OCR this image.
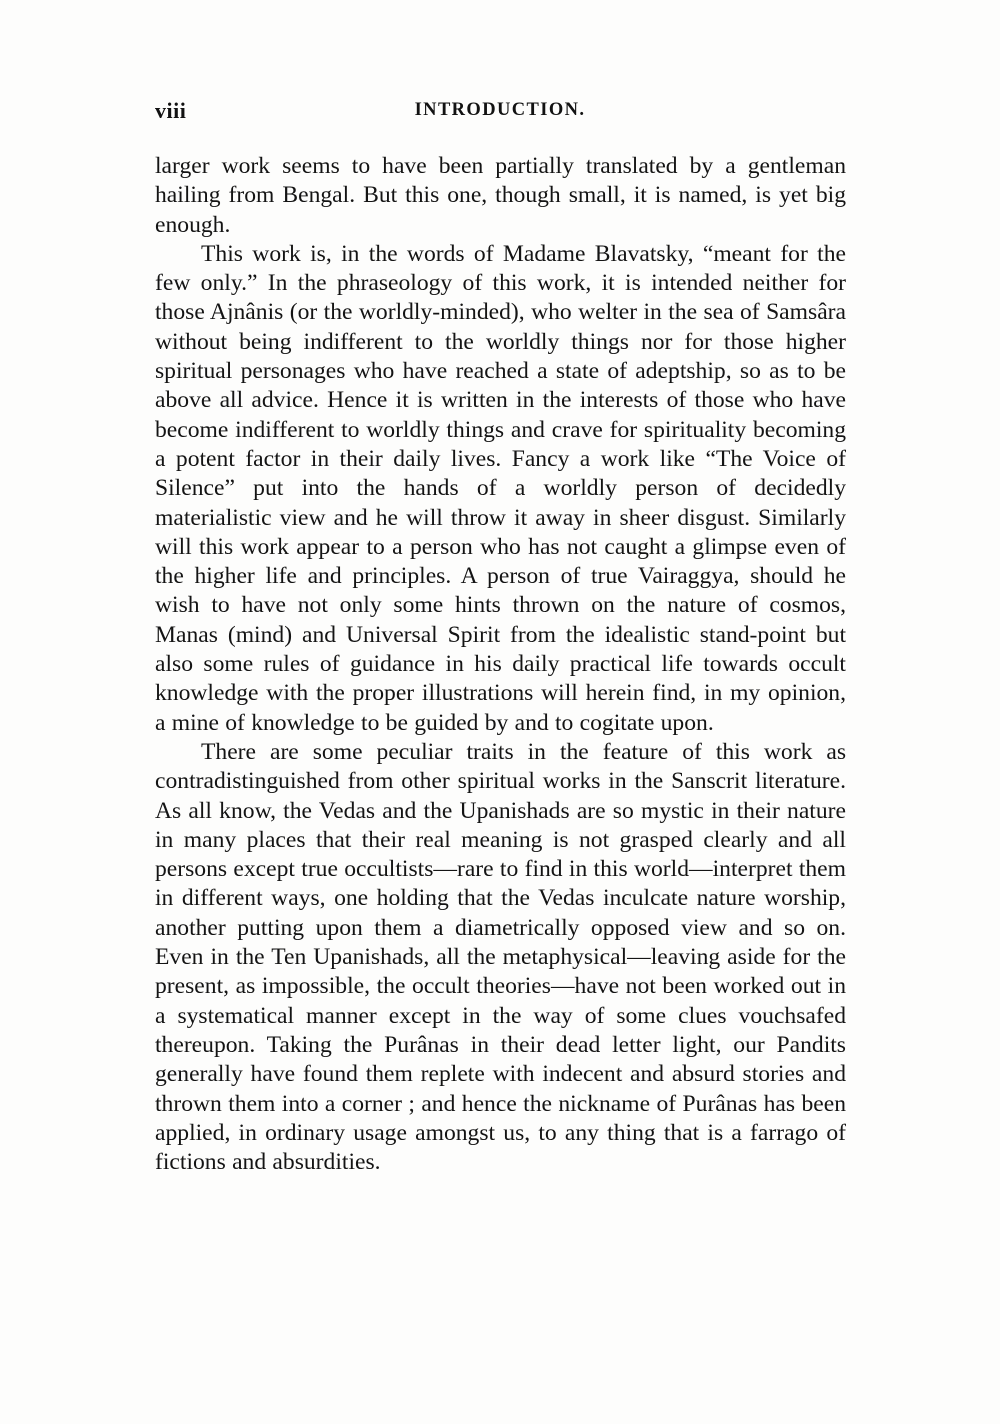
viii	INTRODUCTION.

larger work seems to have been partially translated by a gentleman hailing from Bengal. But this one, though small, it is named, is yet big enough.

This work is, in the words of Madame Blavatsky, “meant for the few only.” In the phraseology of this work, it is intended neither for those Ajnânis (or the worldly-minded), who welter in the sea of Samsâra without being indifferent to the worldly things nor for those higher spiritual personages who have reached a state of adeptship, so as to be above all advice. Hence it is written in the interests of those who have become indifferent to worldly things and crave for spirituality becoming a potent factor in their daily lives. Fancy a work like “The Voice of Silence” put into the hands of a worldly person of decidedly materialistic view and he will throw it away in sheer disgust. Similarly will this work appear to a person who has not caught a glimpse even of the higher life and principles. A person of true Vairaggya, should he wish to have not only some hints thrown on the nature of cosmos, Manas (mind) and Universal Spirit from the idealistic stand-point but also some rules of guidance in his daily practical life towards occult knowledge with the proper illustrations will herein find, in my opinion, a mine of knowledge to be guided by and to cogitate upon.

There are some peculiar traits in the feature of this work as contradistinguished from other spiritual works in the Sanscrit literature. As all know, the Vedas and the Upanishads are so mystic in their nature in many places that their real meaning is not grasped clearly and all persons except true occultists—rare to find in this world—interpret them in different ways, one holding that the Vedas inculcate nature worship, another putting upon them a diametrically opposed view and so on. Even in the Ten Upanishads, all the metaphysical—leaving aside for the present, as impossible, the occult theories—have not been worked out in a systematical manner except in the way of some clues vouchsafed thereupon. Taking the Purânas in their dead letter light, our Pandits generally have found them replete with indecent and absurd stories and thrown them into a corner ; and hence the nickname of Purânas has been applied, in ordinary usage amongst us, to any thing that is a farrago of fictions and absurdities.
